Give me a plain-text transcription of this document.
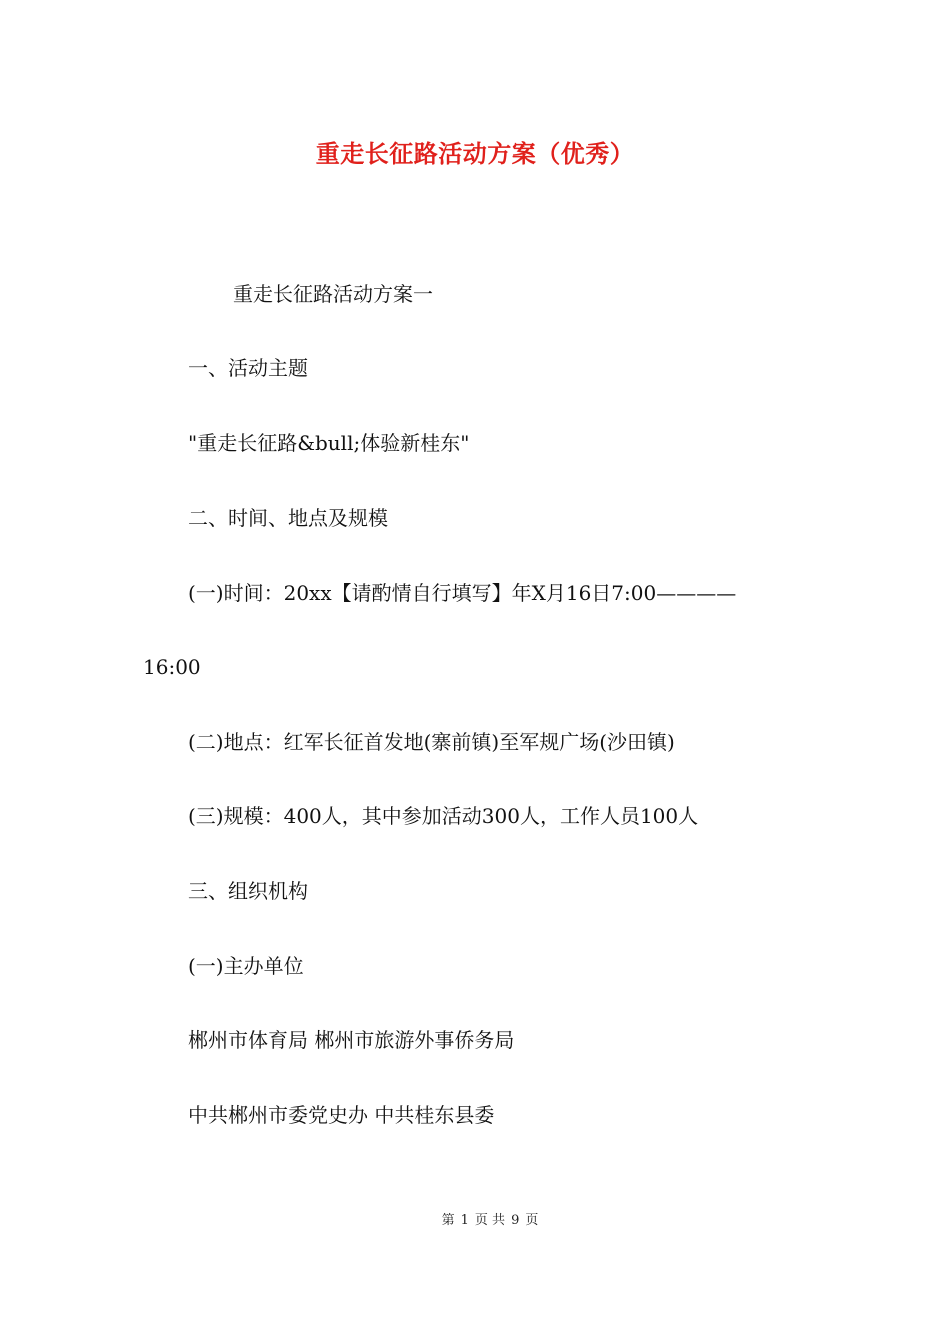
重走长征路活动方案（优秀）

重走长征路活动方案一

一、活动主题

"重走长征路&bull;体验新桂东"

二、时间、地点及规模

(一)时间：20xx【请酌情自行填写】年X月16日7:00————

16:00

(二)地点：红军长征首发地(寨前镇)至军规广场(沙田镇)

(三)规模：400人，其中参加活动300人，工作人员100人

三、组织机构

(一)主办单位

郴州市体育局 郴州市旅游外事侨务局

中共郴州市委党史办 中共桂东县委

第 1 页 共 9 页
